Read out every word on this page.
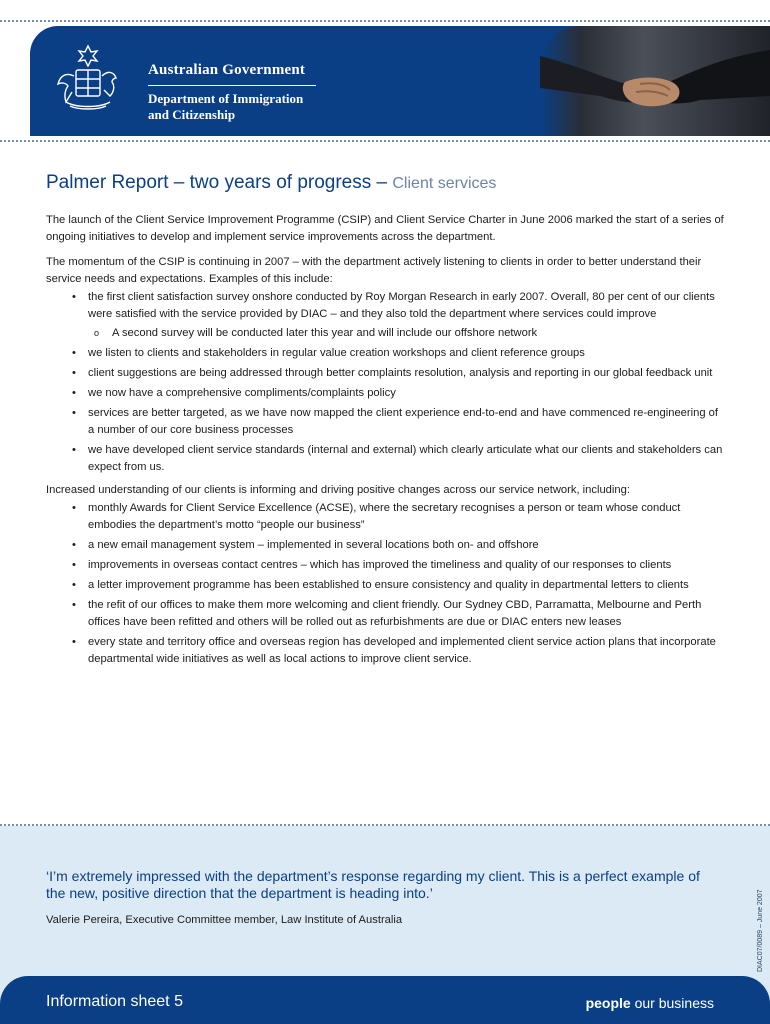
Australian Government
Department of Immigration
and Citizenship
Palmer Report – two years of progress – Client services

The launch of the Client Service Improvement Programme (CSIP) and Client Service Charter in June 2006 marked the start of a series of ongoing initiatives to develop and implement service improvements across the department.

The momentum of the CSIP is continuing in 2007 – with the department actively listening to clients in order to better understand their service needs and expectations. Examples of this include:

• the first client satisfaction survey onshore conducted by Roy Morgan Research in early 2007. Overall, 80 per cent of our clients were satisfied with the service provided by DIAC – and they also told the department where services could improve
o A second survey will be conducted later this year and will include our offshore network
• we listen to clients and stakeholders in regular value creation workshops and client reference groups
• client suggestions are being addressed through better complaints resolution, analysis and reporting in our global feedback unit
• we now have a comprehensive compliments/complaints policy
• services are better targeted, as we have now mapped the client experience end-to-end and have commenced re-engineering of a number of our core business processes
• we have developed client service standards (internal and external) which clearly articulate what our clients and stakeholders can expect from us.

Increased understanding of our clients is informing and driving positive changes across our service network, including:

• monthly Awards for Client Service Excellence (ACSE), where the secretary recognises a person or team whose conduct embodies the department’s motto “people our business”
• a new email management system – implemented in several locations both on- and offshore
• improvements in overseas contact centres – which has improved the timeliness and quality of our responses to clients
• a letter improvement programme has been established to ensure consistency and quality in departmental letters to clients
• the refit of our offices to make them more welcoming and client friendly. Our Sydney CBD, Parramatta, Melbourne and Perth offices have been refitted and others will be rolled out as refurbishments are due or DIAC enters new leases
• every state and territory office and overseas region has developed and implemented client service action plans that incorporate departmental wide initiatives as well as local actions to improve client service.

‘I’m extremely impressed with the department’s response regarding my client. This is a perfect example of the new, positive direction that the department is heading into.’

Valerie Pereira, Executive Committee member, Law Institute of Australia	DIAC07/0089 – June 2007

Information sheet 5	people our business
